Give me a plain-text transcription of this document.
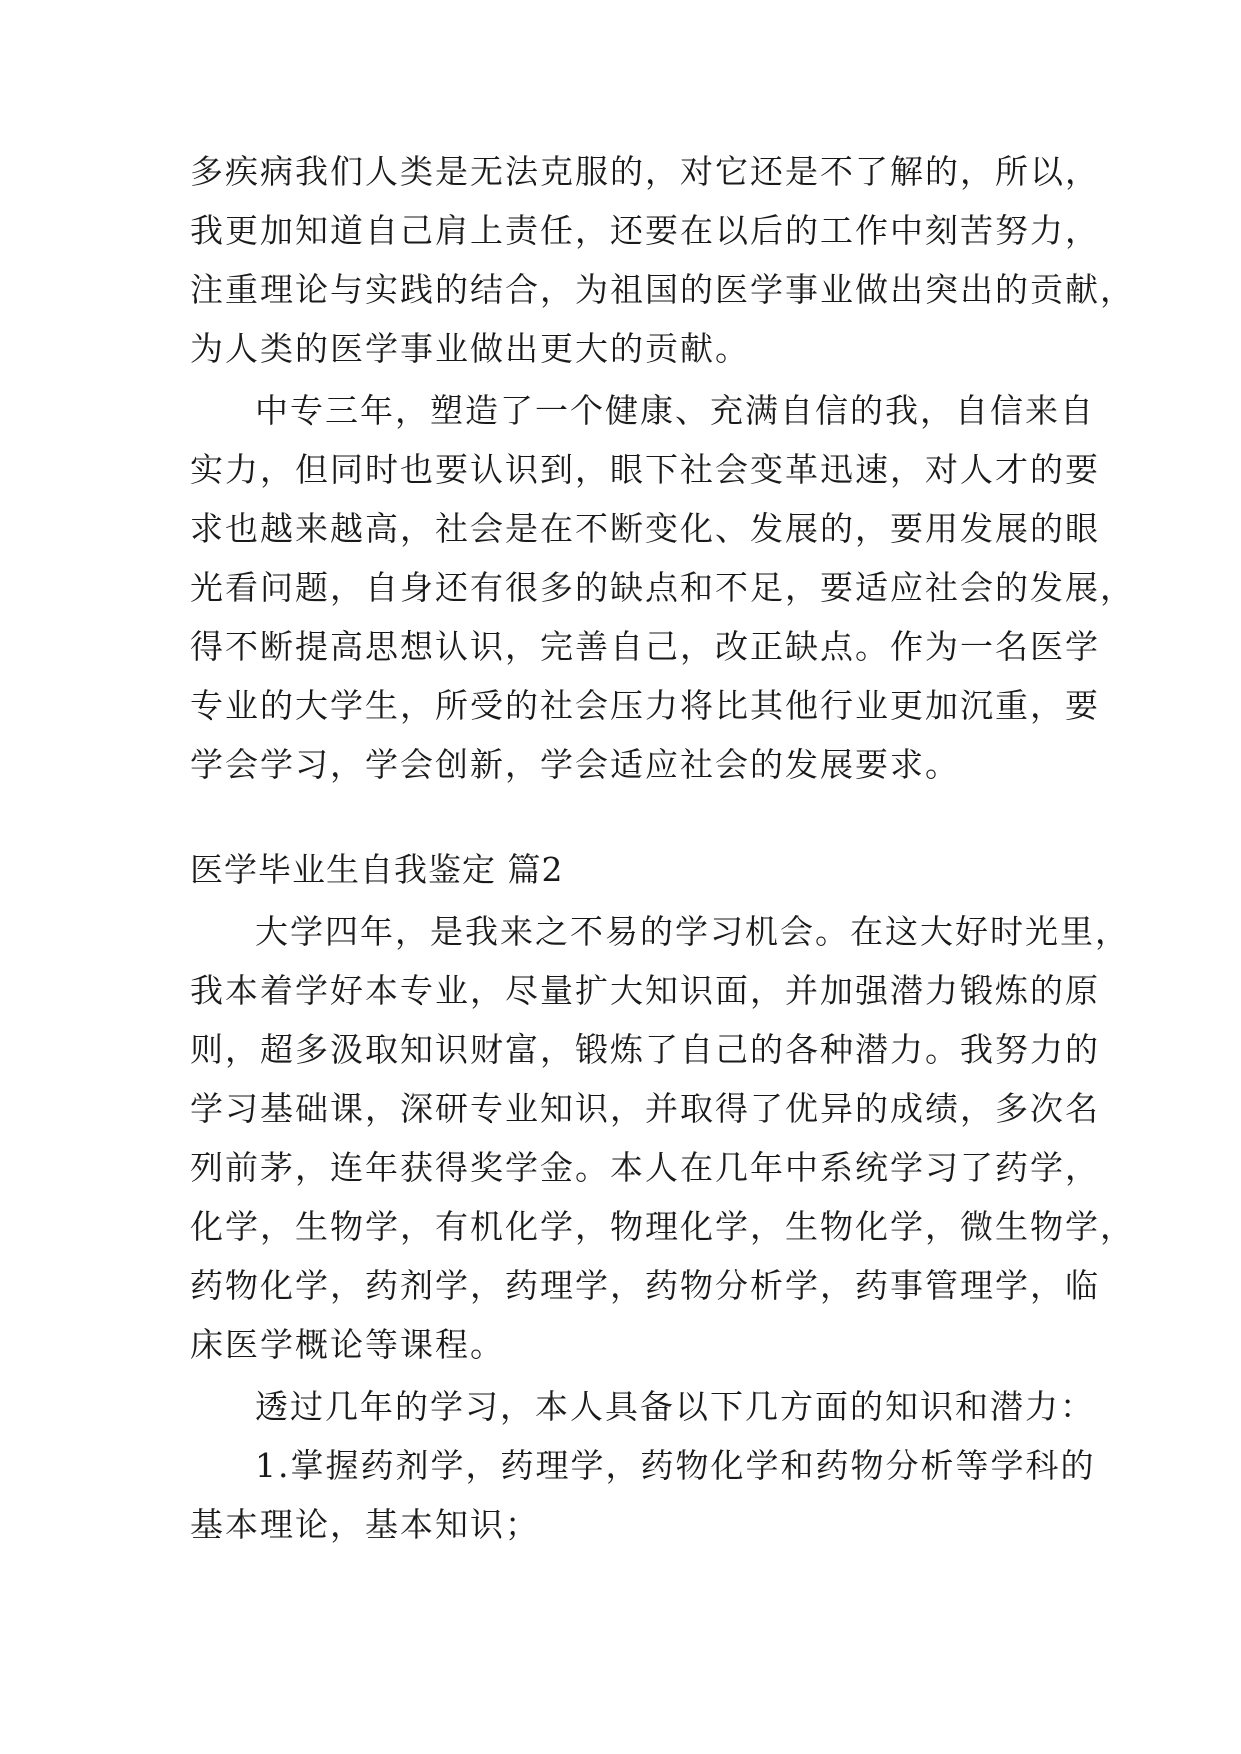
多疾病我们人类是无法克服的，对它还是不了解的，所以，
我更加知道自己肩上责任，还要在以后的工作中刻苦努力，
注重理论与实践的结合，为祖国的医学事业做出突出的贡献，
为人类的医学事业做出更大的贡献。
中专三年，塑造了一个健康、充满自信的我，自信来自
实力，但同时也要认识到，眼下社会变革迅速，对人才的要
求也越来越高，社会是在不断变化、发展的，要用发展的眼
光看问题，自身还有很多的缺点和不足，要适应社会的发展，
得不断提高思想认识，完善自己，改正缺点。作为一名医学
专业的大学生，所受的社会压力将比其他行业更加沉重，要
学会学习，学会创新，学会适应社会的发展要求。
医学毕业生自我鉴定 篇2
大学四年，是我来之不易的学习机会。在这大好时光里，
我本着学好本专业，尽量扩大知识面，并加强潜力锻炼的原
则，超多汲取知识财富，锻炼了自己的各种潜力。我努力的
学习基础课，深研专业知识，并取得了优异的成绩，多次名
列前茅，连年获得奖学金。本人在几年中系统学习了药学，
化学，生物学，有机化学，物理化学，生物化学，微生物学，
药物化学，药剂学，药理学，药物分析学，药事管理学，临
床医学概论等课程。
透过几年的学习，本人具备以下几方面的知识和潜力：
1.掌握药剂学，药理学，药物化学和药物分析等学科的
基本理论，基本知识；
